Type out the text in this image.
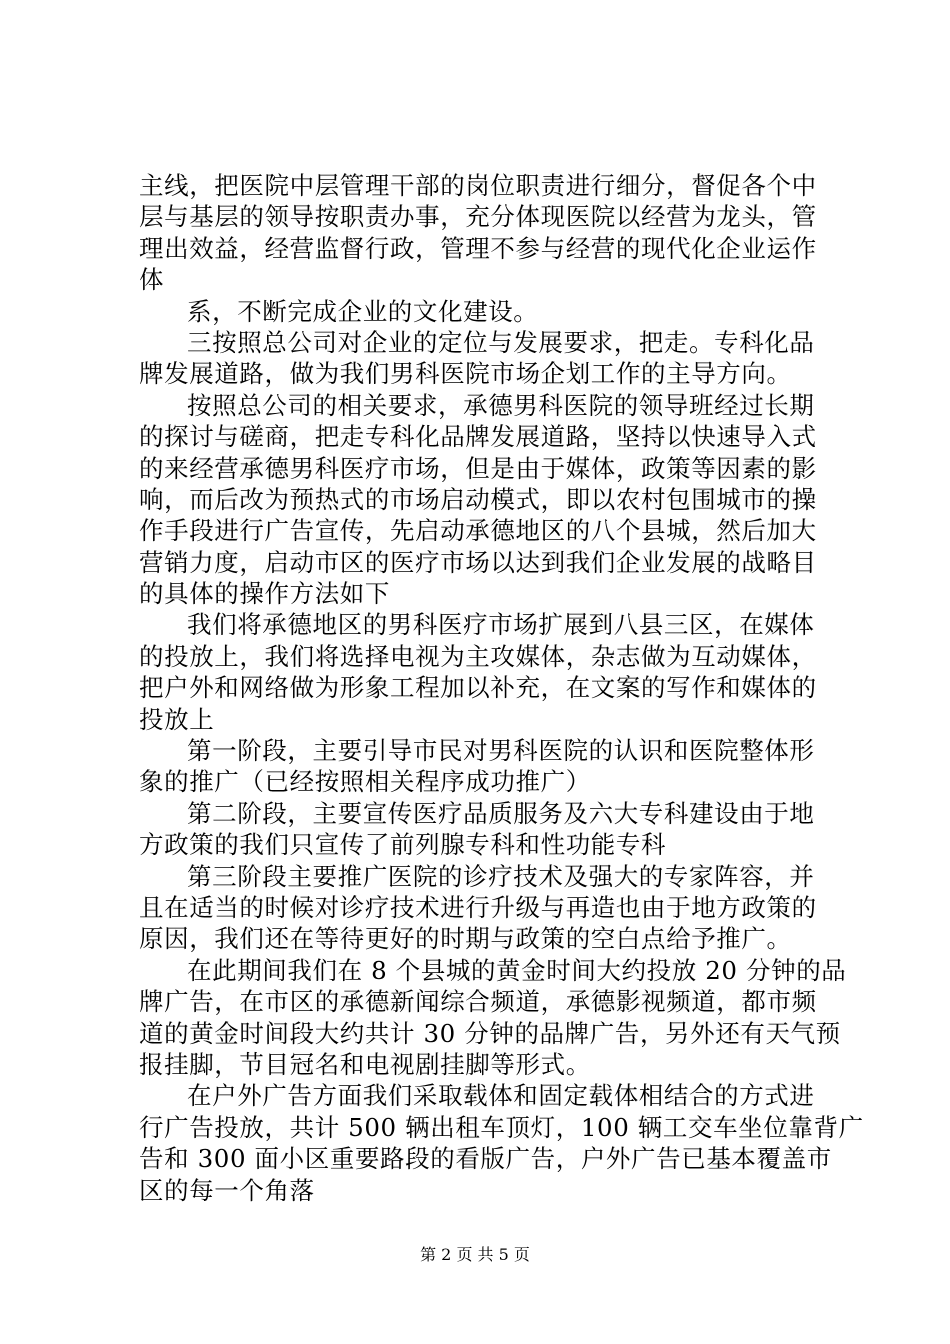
主线，把医院中层管理干部的岗位职责进行细分，督促各个中
层与基层的领导按职责办事，充分体现医院以经营为龙头，管
理出效益，经营监督行政，管理不参与经营的现代化企业运作
体
系，不断完成企业的文化建设。
三按照总公司对企业的定位与发展要求，把走。专科化品
牌发展道路，做为我们男科医院市场企划工作的主导方向。
按照总公司的相关要求，承德男科医院的领导班经过长期
的探讨与磋商，把走专科化品牌发展道路，坚持以快速导入式
的来经营承德男科医疗市场，但是由于媒体，政策等因素的影
响，而后改为预热式的市场启动模式，即以农村包围城市的操
作手段进行广告宣传，先启动承德地区的八个县城，然后加大
营销力度，启动市区的医疗市场以达到我们企业发展的战略目
的具体的操作方法如下
我们将承德地区的男科医疗市场扩展到八县三区，在媒体
的投放上，我们将选择电视为主攻媒体，杂志做为互动媒体，
把户外和网络做为形象工程加以补充，在文案的写作和媒体的
投放上
第一阶段，主要引导市民对男科医院的认识和医院整体形
象的推广（已经按照相关程序成功推广）
第二阶段，主要宣传医疗品质服务及六大专科建设由于地
方政策的我们只宣传了前列腺专科和性功能专科
第三阶段主要推广医院的诊疗技术及强大的专家阵容，并
且在适当的时候对诊疗技术进行升级与再造也由于地方政策的
原因，我们还在等待更好的时期与政策的空白点给予推广。
在此期间我们在 8 个县城的黄金时间大约投放 20 分钟的品
牌广告，在市区的承德新闻综合频道，承德影视频道，都市频
道的黄金时间段大约共计 30 分钟的品牌广告，另外还有天气预
报挂脚，节目冠名和电视剧挂脚等形式。
在户外广告方面我们采取载体和固定载体相结合的方式进
行广告投放，共计 500 辆出租车顶灯，100 辆工交车坐位靠背广
告和 300 面小区重要路段的看版广告，户外广告已基本覆盖市
区的每一个角落
第 2 页 共 5 页
